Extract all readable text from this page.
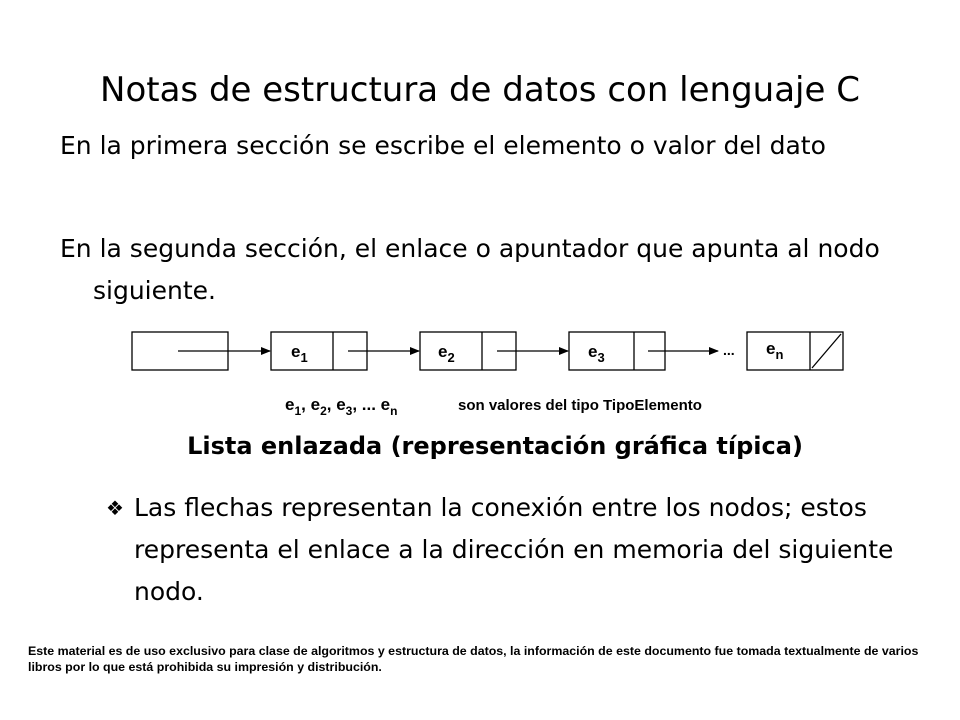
Notas de estructura de datos con lenguaje C
En la primera sección se escribe el elemento o valor del dato
En la segunda sección, el enlace o apuntador que apunta al nodo siguiente.
$e_1$	$e_2$	$e_3$	... $e_n$
$e_1$, $e_2$, $e_3$, ... $e_n$	son valores del tipo TipoElemento
Lista enlazada (representación gráfica típica)
❖ Las flechas representan la conexión entre los nodos; estos representa el enlace a la dirección en memoria del siguiente nodo.
Este material es de uso exclusivo para clase de algoritmos y estructura de datos, la información de este documento fue tomada textualmente de varios libros por lo que está prohibida su impresión y distribución.
